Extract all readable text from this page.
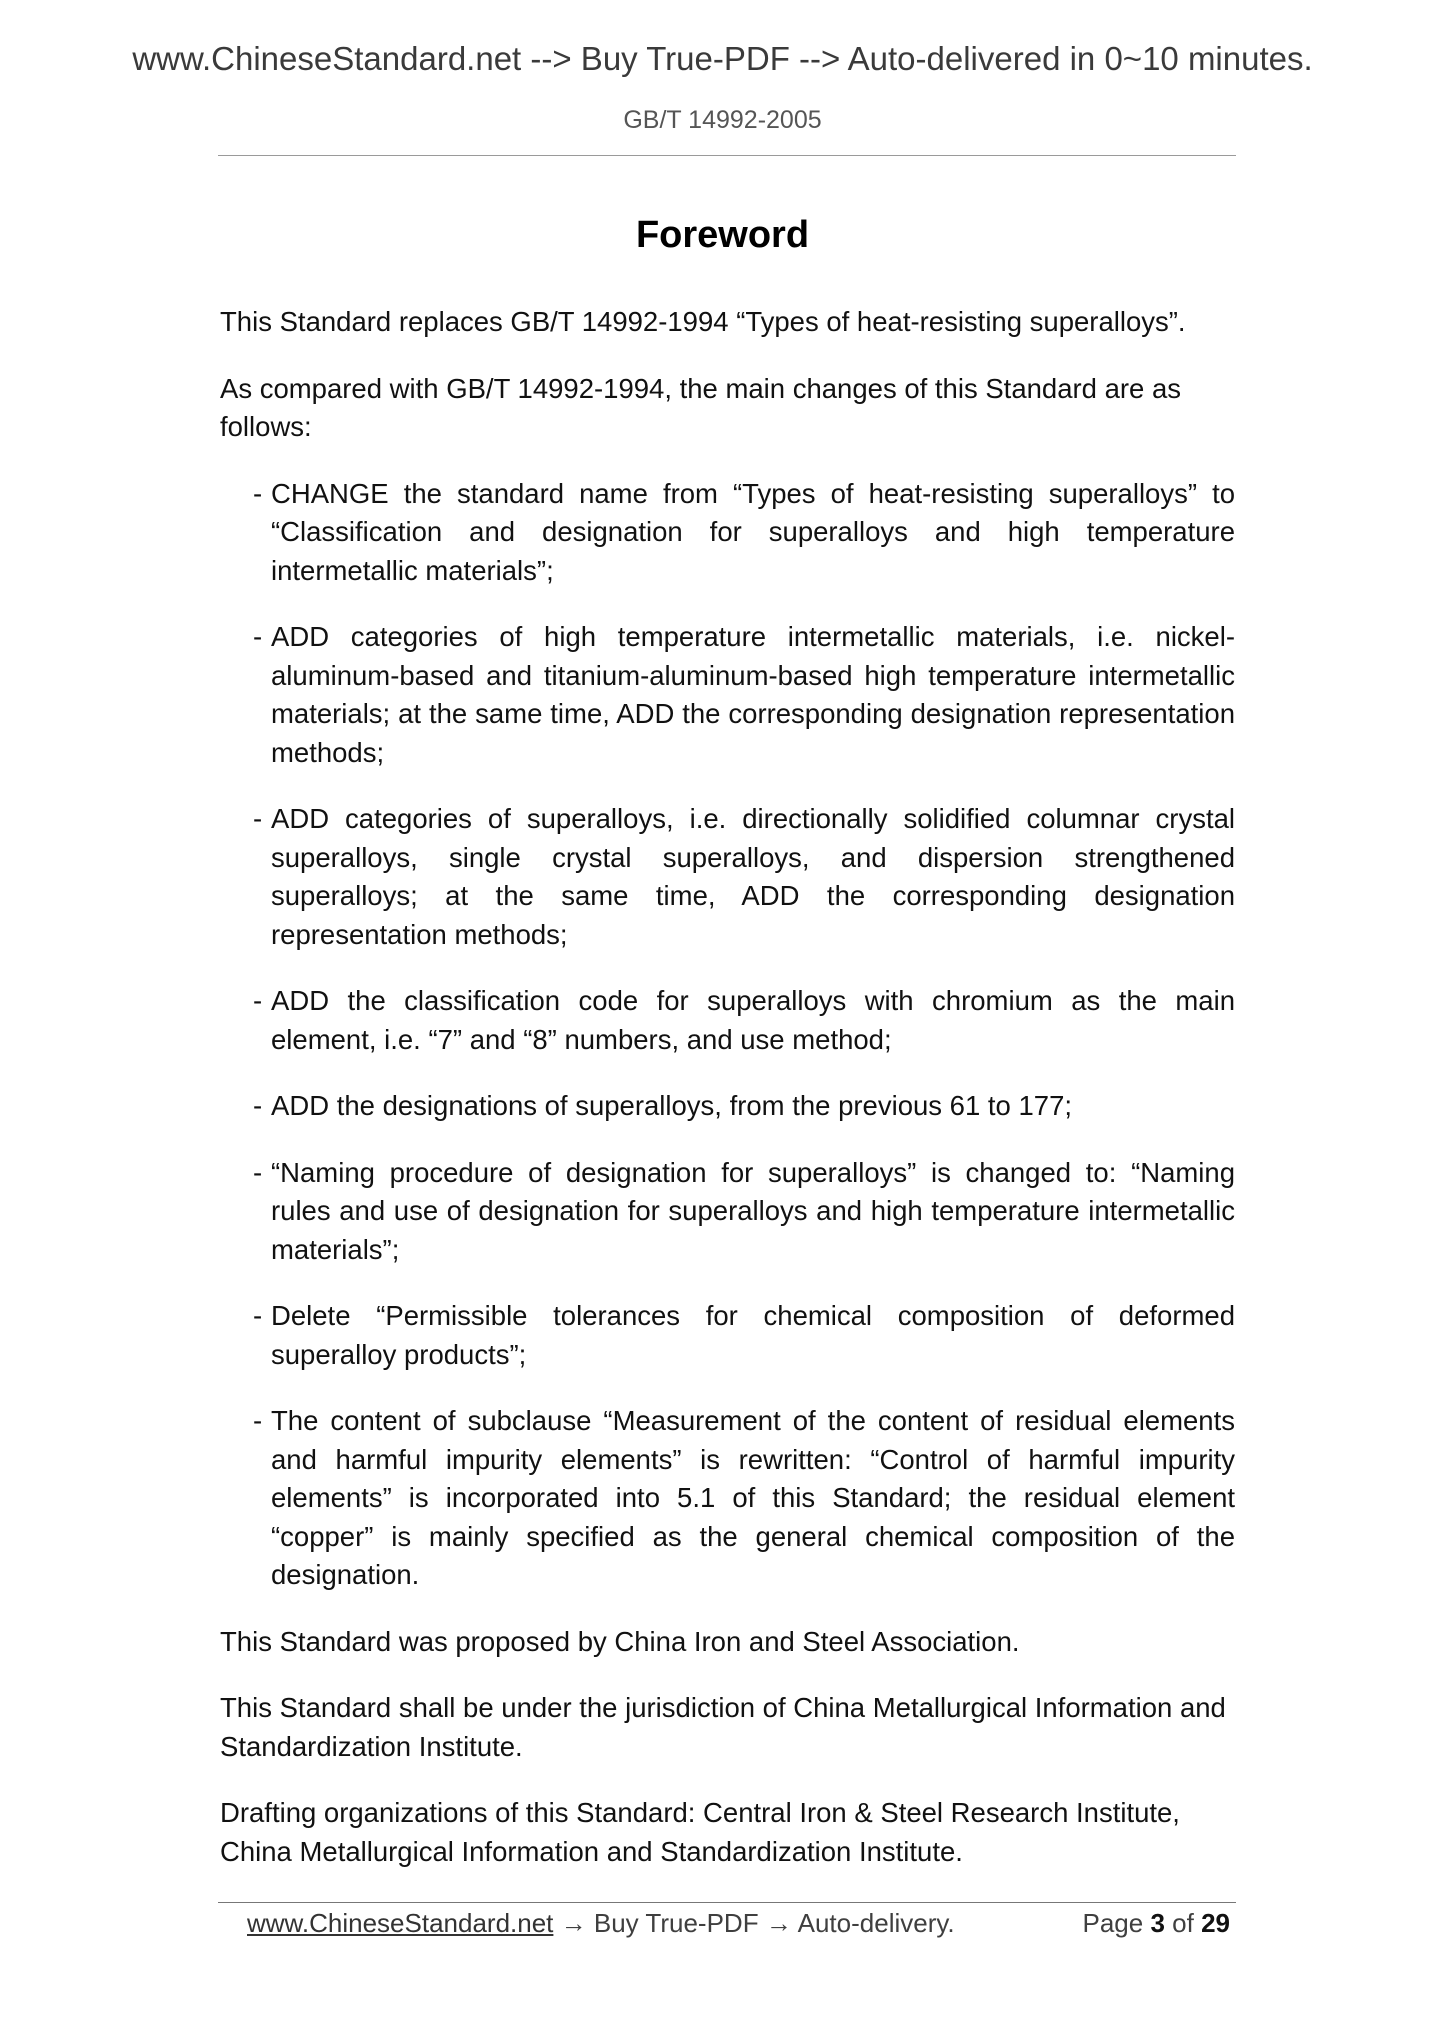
www.ChineseStandard.net --> Buy True-PDF --> Auto-delivered in 0~10 minutes.
GB/T 14992-2005
Foreword

This Standard replaces GB/T 14992-1994 “Types of heat-resisting superalloys”.

As compared with GB/T 14992-1994, the main changes of this Standard are as follows:

- CHANGE the standard name from “Types of heat-resisting superalloys” to “Classification and designation for superalloys and high temperature intermetallic materials”;
- ADD categories of high temperature intermetallic materials, i.e. nickel-aluminum-based and titanium-aluminum-based high temperature intermetallic materials; at the same time, ADD the corresponding designation representation methods;
- ADD categories of superalloys, i.e. directionally solidified columnar crystal superalloys, single crystal superalloys, and dispersion strengthened superalloys; at the same time, ADD the corresponding designation representation methods;
- ADD the classification code for superalloys with chromium as the main element, i.e. “7” and “8” numbers, and use method;
- ADD the designations of superalloys, from the previous 61 to 177;
- “Naming procedure of designation for superalloys” is changed to: “Naming rules and use of designation for superalloys and high temperature intermetallic materials”;
- Delete “Permissible tolerances for chemical composition of deformed superalloy products”;
- The content of subclause “Measurement of the content of residual elements and harmful impurity elements” is rewritten: “Control of harmful impurity elements” is incorporated into 5.1 of this Standard; the residual element “copper” is mainly specified as the general chemical composition of the designation.

This Standard was proposed by China Iron and Steel Association.

This Standard shall be under the jurisdiction of China Metallurgical Information and Standardization Institute.

Drafting organizations of this Standard: Central Iron & Steel Research Institute, China Metallurgical Information and Standardization Institute.

www.ChineseStandard.net → Buy True-PDF → Auto-delivery.	Page 3 of 29
